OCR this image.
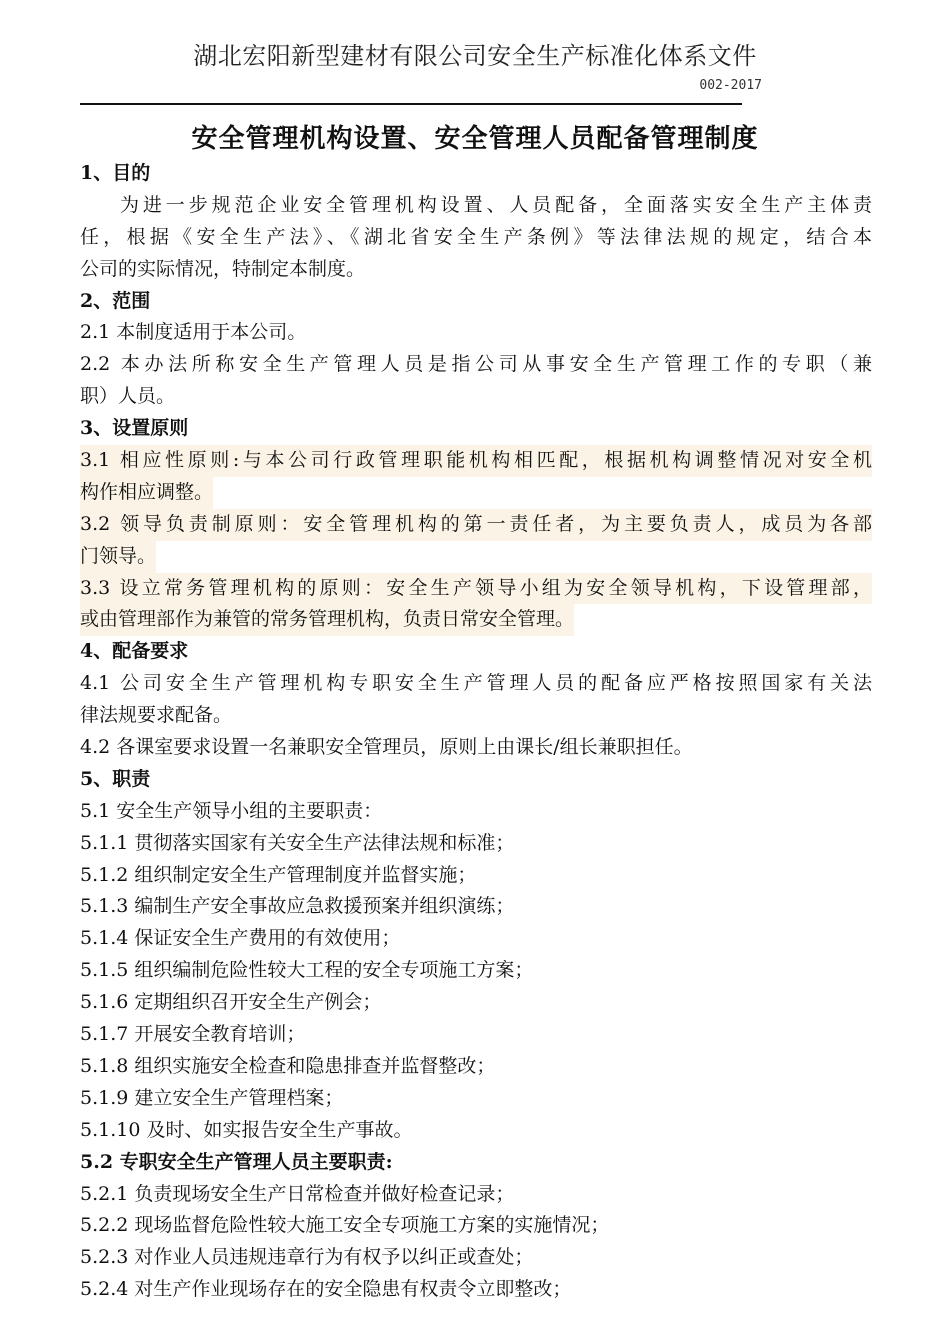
湖北宏阳新型建材有限公司安全生产标准化体系文件
002-2017
安全管理机构设置、安全管理人员配备管理制度
1、目的
为进一步规范企业安全管理机构设置、人员配备，全面落实安全生产主体责
任，根据《安全生产法》、《湖北省安全生产条例》等法律法规的规定，结合本
公司的实际情况，特制定本制度。
2、范围
2.1 本制度适用于本公司。
2.2 本办法所称安全生产管理人员是指公司从事安全生产管理工作的专职（兼
职）人员。
3、设置原则
3.1 相应性原则:与本公司行政管理职能机构相匹配，根据机构调整情况对安全机
构作相应调整。
3.2 领导负责制原则：安全管理机构的第一责任者，为主要负责人，成员为各部
门领导。
3.3 设立常务管理机构的原则：安全生产领导小组为安全领导机构，下设管理部，
或由管理部作为兼管的常务管理机构，负责日常安全管理。
4、配备要求
4.1 公司安全生产管理机构专职安全生产管理人员的配备应严格按照国家有关法
律法规要求配备。
4.2 各课室要求设置一名兼职安全管理员，原则上由课长/组长兼职担任。
5、职责
5.1 安全生产领导小组的主要职责：
5.1.1 贯彻落实国家有关安全生产法律法规和标准；
5.1.2 组织制定安全生产管理制度并监督实施；
5.1.3 编制生产安全事故应急救援预案并组织演练；
5.1.4 保证安全生产费用的有效使用；
5.1.5 组织编制危险性较大工程的安全专项施工方案；
5.1.6 定期组织召开安全生产例会；
5.1.7 开展安全教育培训；
5.1.8 组织实施安全检查和隐患排查并监督整改；
5.1.9 建立安全生产管理档案；
5.1.10 及时、如实报告安全生产事故。
5.2 专职安全生产管理人员主要职责:
5.2.1 负责现场安全生产日常检查并做好检查记录；
5.2.2 现场监督危险性较大施工安全专项施工方案的实施情况；
5.2.3 对作业人员违规违章行为有权予以纠正或查处；
5.2.4 对生产作业现场存在的安全隐患有权责令立即整改；
